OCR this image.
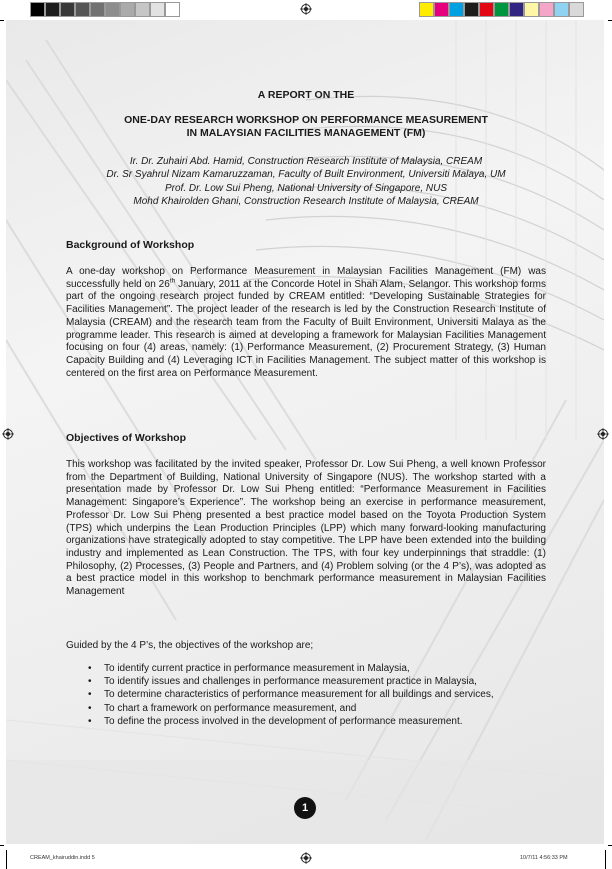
A REPORT ON THE
ONE-DAY RESEARCH WORKSHOP ON PERFORMANCE MEASUREMENT
IN MALAYSIAN FACILITIES MANAGEMENT (FM)
Ir. Dr. Zuhairi Abd. Hamid, Construction Research Institute of Malaysia, CREAM
Dr. Sr Syahrul Nizam Kamaruzzaman, Faculty of Built Environment, Universiti Malaya, UM
Prof. Dr. Low Sui Pheng, National University of Singapore, NUS
Mohd Khairolden Ghani, Construction Research Institute of Malaysia, CREAM
Background of Workshop
A one-day workshop on Performance Measurement in Malaysian Facilities Management (FM) was successfully held on 26th January, 2011 at the Concorde Hotel in Shah Alam, Selangor. This workshop forms part of the ongoing research project funded by CREAM entitled: “Developing Sustainable Strategies for Facilities Management”. The project leader of the research is led by the Construction Research Institute of Malaysia (CREAM) and the research team from the Faculty of Built Environment, Universiti Malaya as the programme leader. This research is aimed at developing a framework for Malaysian Facilities Management focusing on four (4) areas, namely: (1) Performance Measurement, (2) Procurement Strategy, (3) Human Capacity Building and (4) Leveraging ICT in Facilities Management. The subject matter of this workshop is centered on the first area on Performance Measurement.
Objectives of Workshop
This workshop was facilitated by the invited speaker, Professor Dr. Low Sui Pheng, a well known Professor from the Department of Building, National University of Singapore (NUS). The workshop started with a presentation made by Professor Dr. Low Sui Pheng entitled: “Performance Measurement in Facilities Management: Singapore’s Experience”. The workshop being an exercise in performance measurement, Professor Dr. Low Sui Pheng presented a best practice model based on the Toyota Production System (TPS) which underpins the Lean Production Principles (LPP) which many forward-looking manufacturing organizations have strategically adopted to stay competitive. The LPP have been extended into the building industry and implemented as Lean Construction. The TPS, with four key underpinnings that straddle: (1) Philosophy, (2) Processes, (3) People and Partners, and (4) Problem solving (or the 4 P’s), was adopted as a best practice model in this workshop to benchmark performance measurement in Malaysian Facilities Management
Guided by the 4 P’s, the objectives of the workshop are;
• To identify current practice in performance measurement in Malaysia,
• To identify issues and challenges in performance measurement practice in Malaysia,
• To determine characteristics of performance measurement for all buildings and services,
• To chart a framework on performance measurement, and
• To define the process involved in the development of performance measurement.
1
CREAM_khairuddin.indd 5	10/7/11 4:56:33 PM
